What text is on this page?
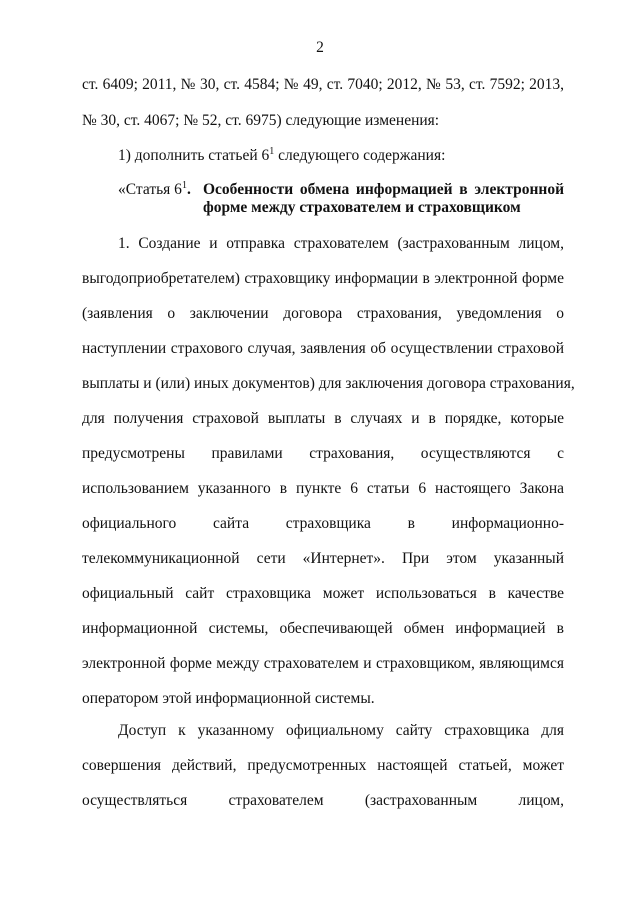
2
ст. 6409; 2011, № 30, ст. 4584; № 49, ст. 7040; 2012, № 53, ст. 7592; 2013,
№ 30, ст. 4067; № 52, ст. 6975) следующие изменения:
1) дополнить статьей $6^1$ следующего содержания:
«Статья $6^1$. Особенности обмена информацией в электронной
форме между страхователем и страховщиком
1. Создание и отправка страхователем (застрахованным лицом,
выгодоприобретателем) страховщику информации в электронной форме
(заявления о заключении договора страхования, уведомления о
наступлении страхового случая, заявления об осуществлении страховой
выплаты и (или) иных документов) для заключения договора страхования,
для получения страховой выплаты в случаях и в порядке, которые
предусмотрены правилами страхования, осуществляются с
использованием указанного в пункте 6 статьи 6 настоящего Закона
официального сайта страховщика в информационно-
телекоммуникационной сети «Интернет». При этом указанный
официальный сайт страховщика может использоваться в качестве
информационной системы, обеспечивающей обмен информацией в
электронной форме между страхователем и страховщиком, являющимся
оператором этой информационной системы.
Доступ к указанному официальному сайту страховщика для
совершения действий, предусмотренных настоящей статьей, может
осуществляться страхователем (застрахованным лицом,
